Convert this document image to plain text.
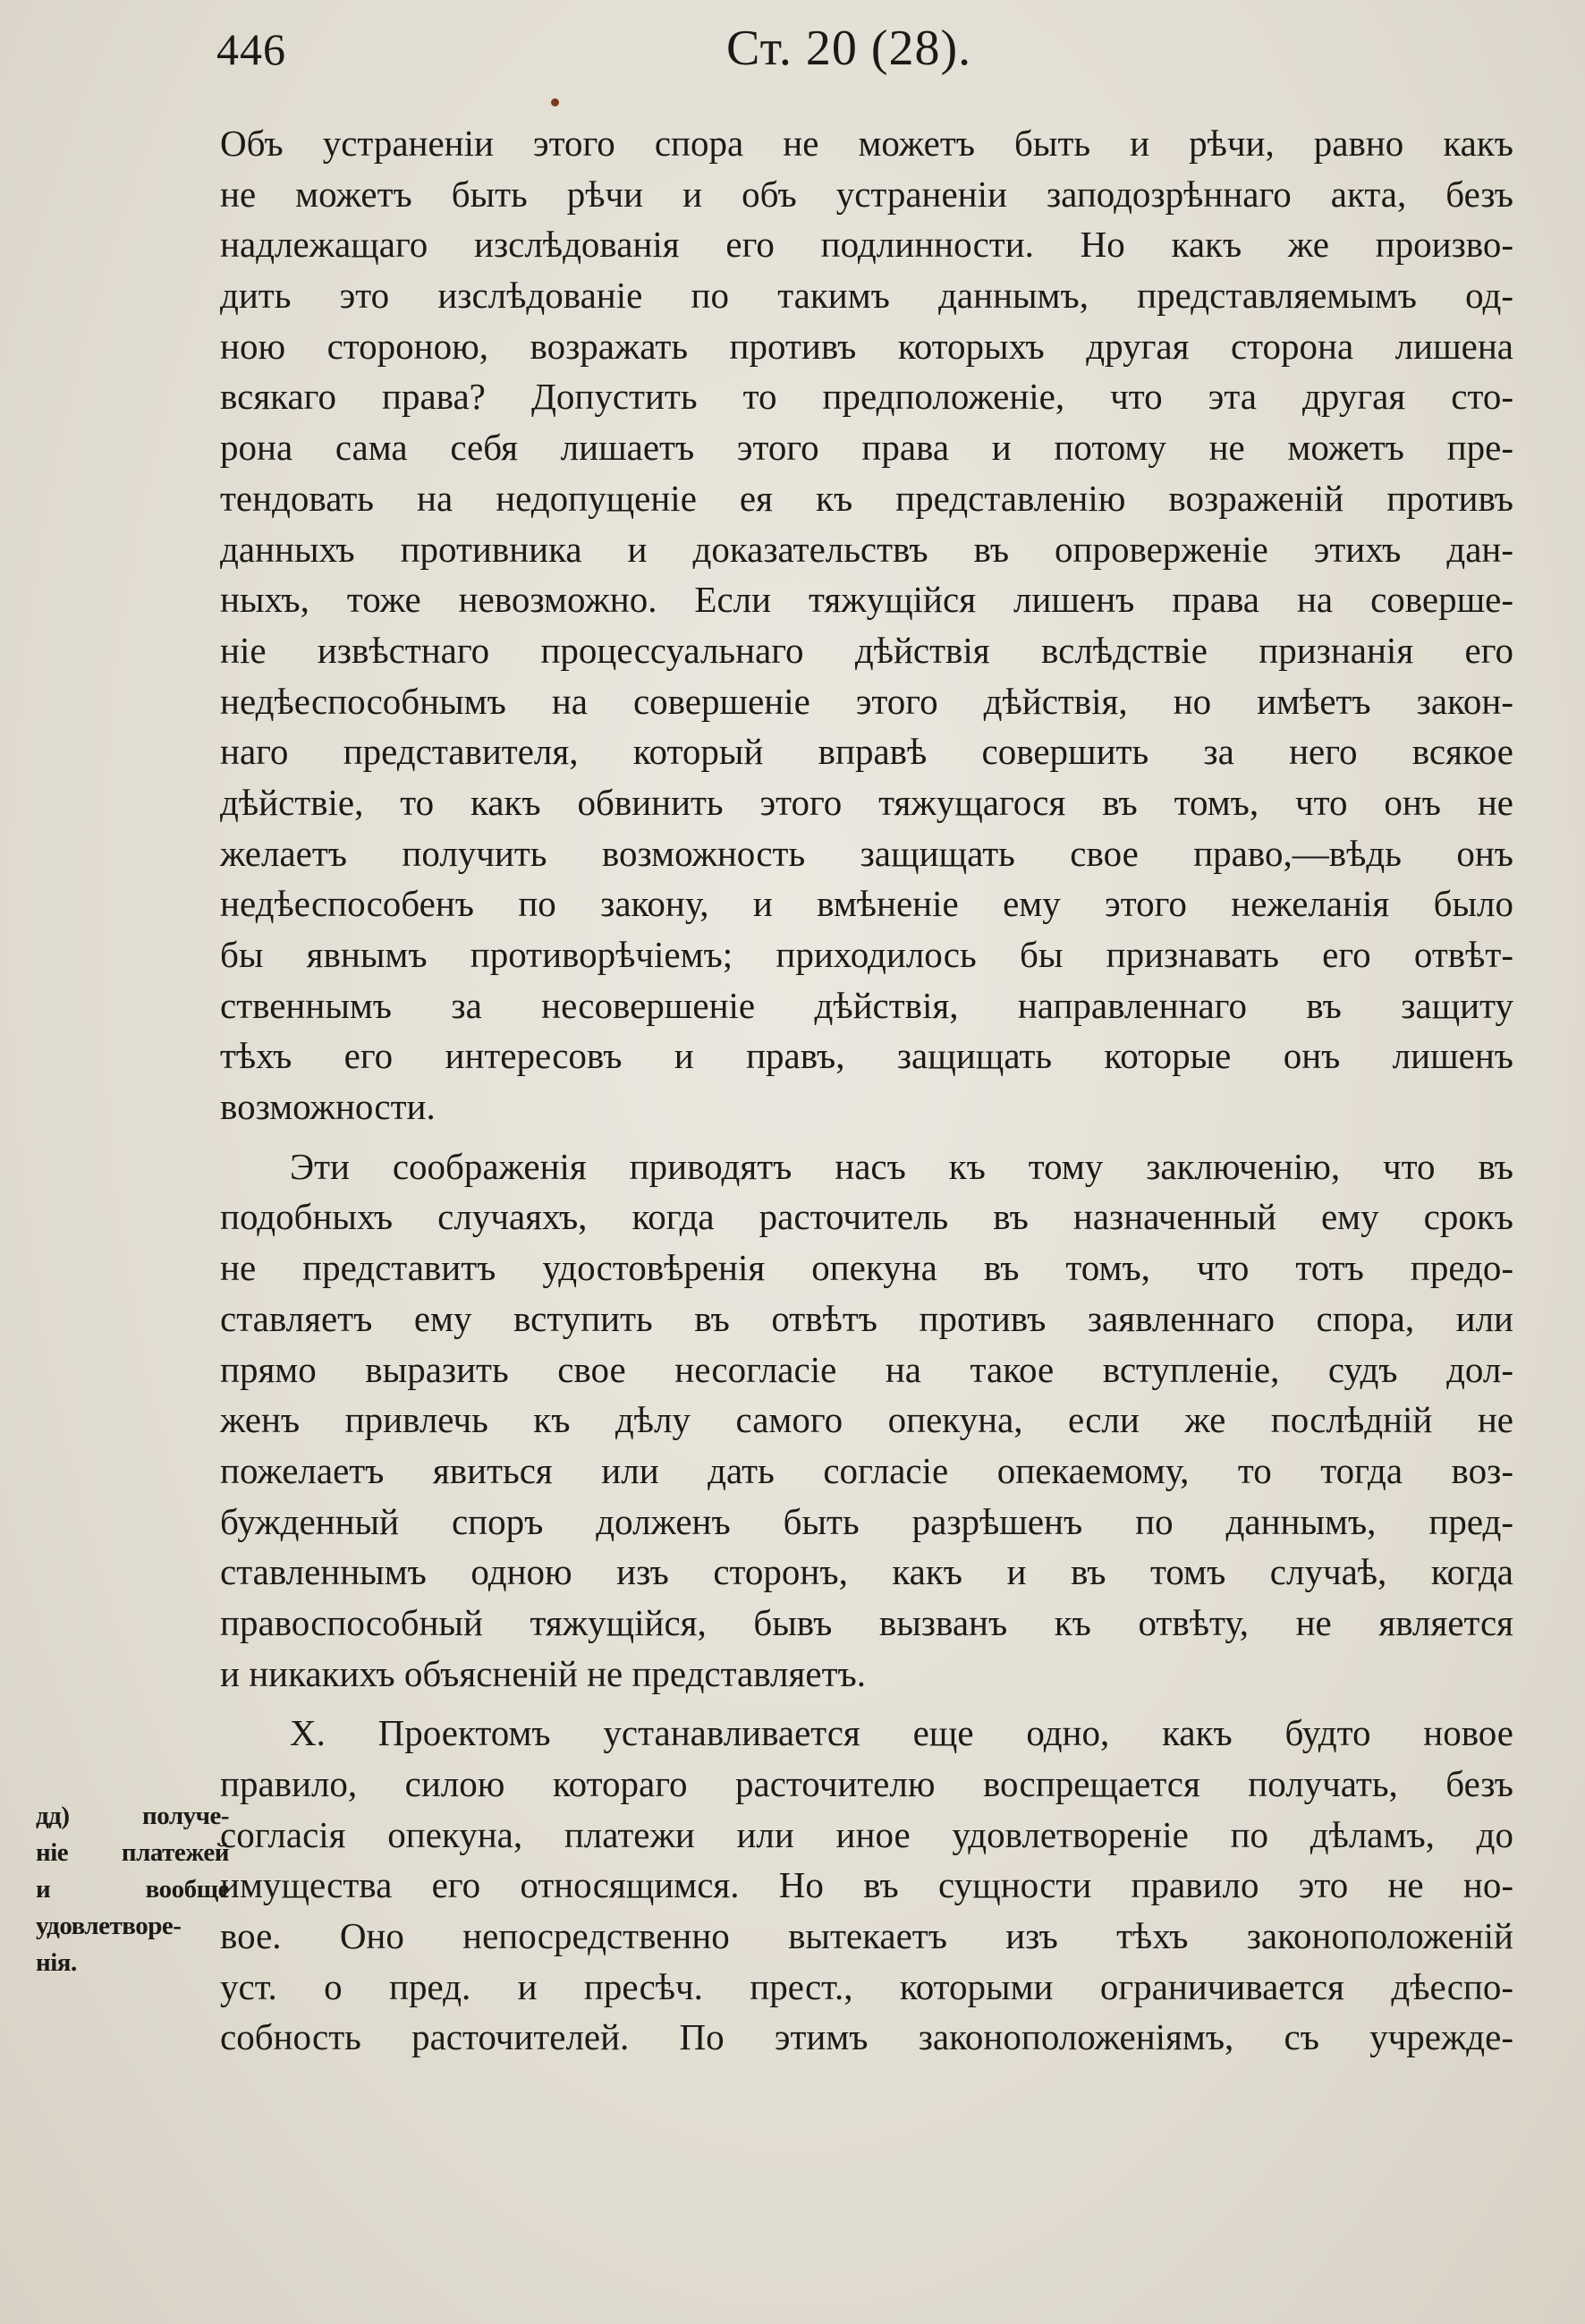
446	Ст. 20 (28).
дд) получе-
ніе платежей
и вообще
удовлетворе-
нія.
Объ устраненіи этого спора не можетъ быть и рѣчи, равно какъ
не можетъ быть рѣчи и объ устраненіи заподозрѣннаго акта, безъ
надлежащаго изслѣдованія его подлинности. Но какъ же произво-
дить это изслѣдованіе по такимъ даннымъ, представляемымъ од-
ною стороною, возражать противъ которыхъ другая сторона лишена
всякаго права? Допустить то предположеніе, что эта другая сто-
рона сама себя лишаетъ этого права и потому не можетъ пре-
тендовать на недопущеніе ея къ представленію возраженій противъ
данныхъ противника и доказательствъ въ опроверженіе этихъ дан-
ныхъ, тоже невозможно. Если тяжущійся лишенъ права на соверше-
ніе извѣстнаго процессуальнаго дѣйствія вслѣдствіе признанія его
недѣеспособнымъ на совершеніе этого дѣйствія, но имѣетъ закон-
наго представителя, который вправѣ совершить за него всякое
дѣйствіе, то какъ обвинить этого тяжущагося въ томъ, что онъ не
желаетъ получить возможность защищать свое право,—вѣдь онъ
недѣеспособенъ по закону, и вмѣненіе ему этого нежеланія было
бы явнымъ противорѣчіемъ; приходилось бы признавать его отвѣт-
ственнымъ за несовершеніе дѣйствія, направленнаго въ защиту
тѣхъ его интересовъ и правъ, защищать которые онъ лишенъ
возможности.
Эти соображенія приводятъ насъ къ тому заключенію, что въ
подобныхъ случаяхъ, когда расточитель въ назначенный ему срокъ
не представитъ удостовѣренія опекуна въ томъ, что тотъ предо-
ставляетъ ему вступить въ отвѣтъ противъ заявленнаго спора, или
прямо выразить свое несогласіе на такое вступленіе, судъ дол-
женъ привлечь къ дѣлу самого опекуна, если же послѣдній не
пожелаетъ явиться или дать согласіе опекаемому, то тогда воз-
бужденный споръ долженъ быть разрѣшенъ по даннымъ, пред-
ставленнымъ одною изъ сторонъ, какъ и въ томъ случаѣ, когда
правоспособный тяжущійся, бывъ вызванъ къ отвѣту, не является
и никакихъ объясненій не представляетъ.
X. Проектомъ устанавливается еще одно, какъ будто новое
правило, силою котораго расточителю воспрещается получать, безъ
согласія опекуна, платежи или иное удовлетвореніе по дѣламъ, до
имущества его относящимся. Но въ сущности правило это не но-
вое. Оно непосредственно вытекаетъ изъ тѣхъ законоположеній
уст. о пред. и пресѣч. прест., которыми ограничивается дѣеспо-
собность расточителей. По этимъ законоположеніямъ, съ учрежде-
